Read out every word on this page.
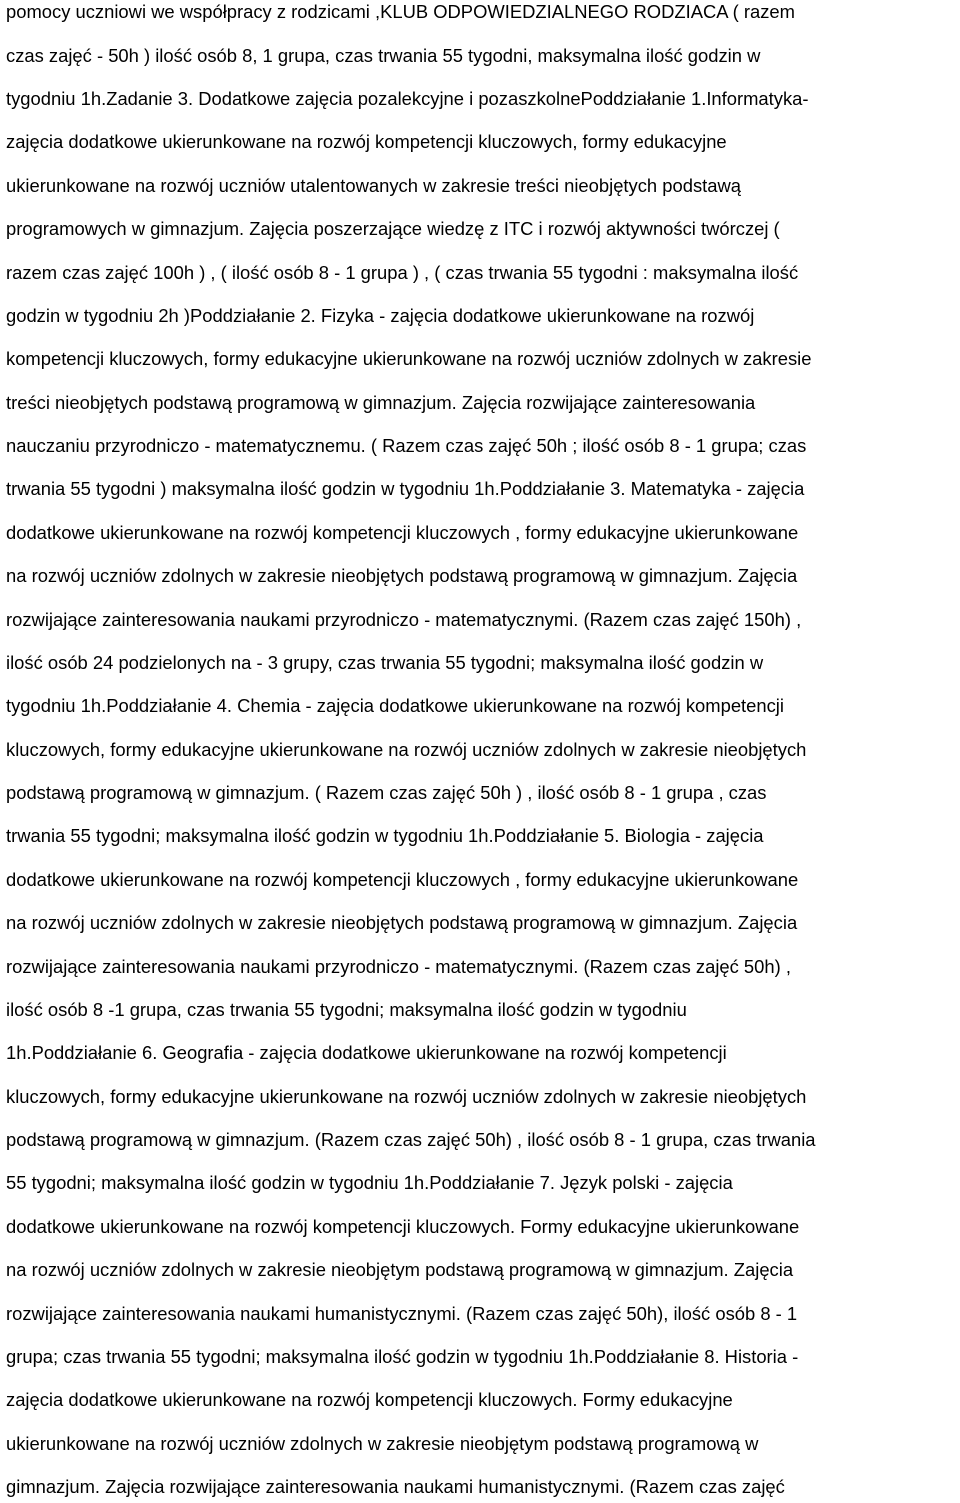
pomocy uczniowi we współpracy z rodzicami ,KLUB ODPOWIEDZIALNEGO RODZIACA ( razem

czas zajęć - 50h ) ilość osób 8, 1 grupa, czas trwania 55 tygodni, maksymalna ilość godzin w

tygodniu 1h.Zadanie 3. Dodatkowe zajęcia pozalekcyjne i pozaszkolnePoddziałanie 1.Informatyka-

zajęcia dodatkowe ukierunkowane na rozwój kompetencji kluczowych, formy edukacyjne

ukierunkowane na rozwój uczniów utalentowanych w zakresie treści nieobjętych podstawą

programowych w gimnazjum. Zajęcia poszerzające wiedzę z ITC i rozwój aktywności twórczej (

razem czas zajęć 100h ) , ( ilość osób 8 - 1 grupa ) , ( czas trwania 55 tygodni : maksymalna ilość

godzin w tygodniu 2h )Poddziałanie 2. Fizyka - zajęcia dodatkowe ukierunkowane na rozwój

kompetencji kluczowych, formy edukacyjne ukierunkowane na rozwój uczniów zdolnych w zakresie

treści nieobjętych podstawą programową w gimnazjum. Zajęcia rozwijające zainteresowania

nauczaniu przyrodniczo - matematycznemu. ( Razem czas zajęć 50h ; ilość osób 8 - 1 grupa; czas

trwania 55 tygodni ) maksymalna ilość godzin w tygodniu 1h.Poddziałanie 3. Matematyka - zajęcia

dodatkowe ukierunkowane na rozwój kompetencji kluczowych , formy edukacyjne ukierunkowane

na rozwój uczniów zdolnych w zakresie nieobjętych podstawą programową w gimnazjum. Zajęcia

rozwijające zainteresowania naukami przyrodniczo - matematycznymi. (Razem czas zajęć 150h) ,

ilość osób 24 podzielonych na - 3 grupy, czas trwania 55 tygodni; maksymalna ilość godzin w

tygodniu 1h.Poddziałanie 4. Chemia - zajęcia dodatkowe ukierunkowane na rozwój kompetencji

kluczowych, formy edukacyjne ukierunkowane na rozwój uczniów zdolnych w zakresie nieobjętych

podstawą programową w gimnazjum. ( Razem czas zajęć 50h ) , ilość osób 8 - 1 grupa , czas

trwania 55 tygodni; maksymalna ilość godzin w tygodniu 1h.Poddziałanie 5. Biologia - zajęcia

dodatkowe ukierunkowane na rozwój kompetencji kluczowych , formy edukacyjne ukierunkowane

na rozwój uczniów zdolnych w zakresie nieobjętych podstawą programową w gimnazjum. Zajęcia

rozwijające zainteresowania naukami przyrodniczo - matematycznymi. (Razem czas zajęć 50h) ,

ilość osób 8 -1 grupa, czas trwania 55 tygodni; maksymalna ilość godzin w tygodniu

1h.Poddziałanie 6. Geografia - zajęcia dodatkowe ukierunkowane na rozwój kompetencji

kluczowych, formy edukacyjne ukierunkowane na rozwój uczniów zdolnych w zakresie nieobjętych

podstawą programową w gimnazjum. (Razem czas zajęć 50h) , ilość osób 8 - 1 grupa, czas trwania

55 tygodni; maksymalna ilość godzin w tygodniu 1h.Poddziałanie 7. Język polski - zajęcia

dodatkowe ukierunkowane na rozwój kompetencji kluczowych. Formy edukacyjne ukierunkowane

na rozwój uczniów zdolnych w zakresie nieobjętym podstawą programową w gimnazjum. Zajęcia

rozwijające zainteresowania naukami humanistycznymi. (Razem czas zajęć 50h), ilość osób 8 - 1

grupa; czas trwania 55 tygodni; maksymalna ilość godzin w tygodniu 1h.Poddziałanie 8. Historia -

zajęcia dodatkowe ukierunkowane na rozwój kompetencji kluczowych. Formy edukacyjne

ukierunkowane na rozwój uczniów zdolnych w zakresie nieobjętym podstawą programową w

gimnazjum. Zajęcia rozwijające zainteresowania naukami humanistycznymi. (Razem czas zajęć
